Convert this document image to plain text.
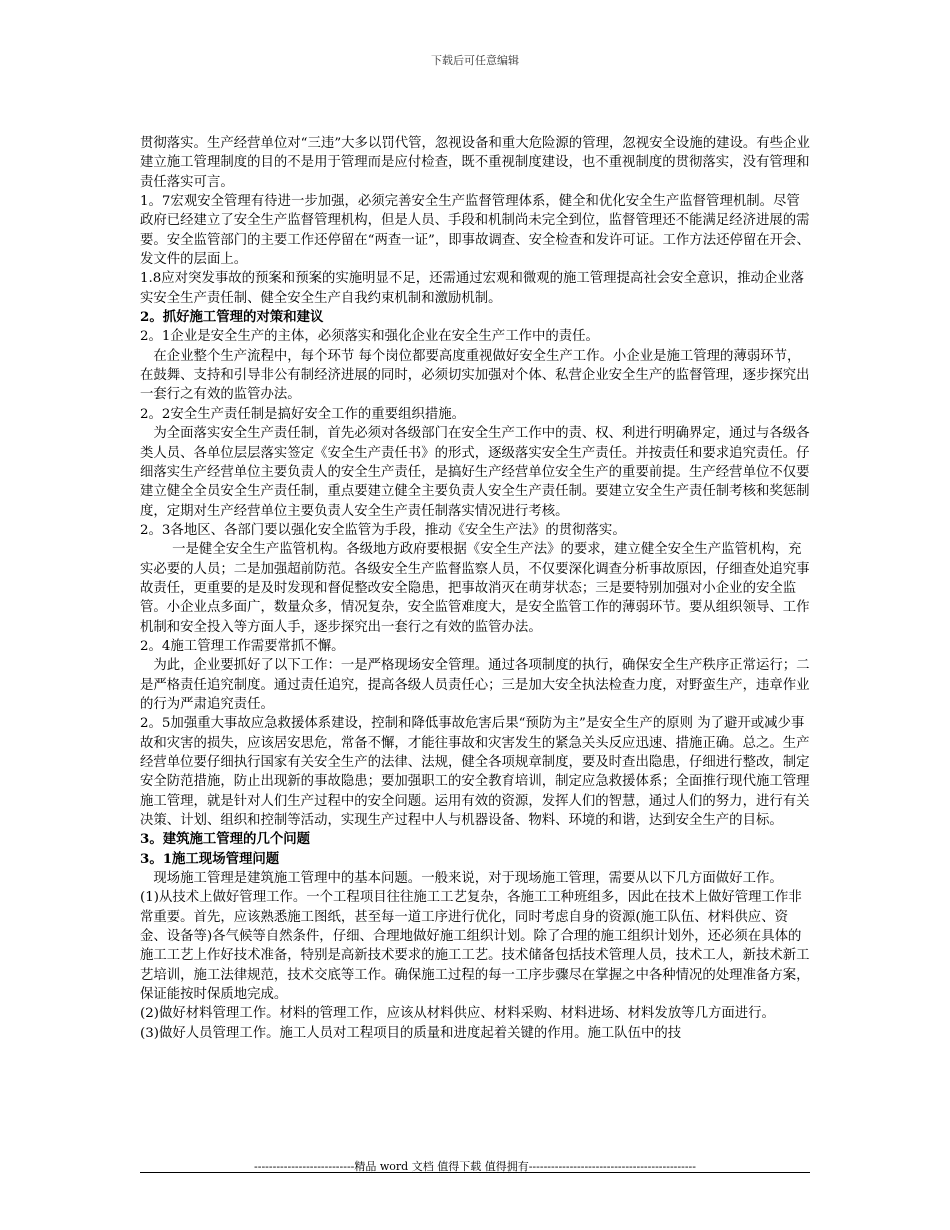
下载后可任意编辑

贯彻落实。生产经营单位对“三违”大多以罚代管，忽视设备和重大危险源的管理，忽视安全设施的建设。有些企业建立施工管理制度的目的不是用于管理而是应付检查，既不重视制度建设，也不重视制度的贯彻落实，没有管理和责任落实可言。

1。7宏观安全管理有待进一步加强，必须完善安全生产监督管理体系，健全和优化安全生产监督管理机制。尽管政府已经建立了安全生产监督管理机构，但是人员、手段和机制尚未完全到位，监督管理还不能满足经济进展的需要。安全监管部门的主要工作还停留在“两查一证”，即事故调查、安全检查和发许可证。工作方法还停留在开会、发文件的层面上。

1.8应对突发事故的预案和预案的实施明显不足，还需通过宏观和微观的施工管理提高社会安全意识，推动企业落实安全生产责任制、健全安全生产自我约束机制和激励机制。

2。抓好施工管理的对策和建议

2。1企业是安全生产的主体，必须落实和强化企业在安全生产工作中的责任。

在企业整个生产流程中，每个环节 每个岗位都要高度重视做好安全生产工作。小企业是施工管理的薄弱环节，在鼓舞、支持和引导非公有制经济进展的同时，必须切实加强对个体、私营企业安全生产的监督管理，逐步探究出一套行之有效的监管办法。

2。2安全生产责任制是搞好安全工作的重要组织措施。

为全面落实安全生产责任制，首先必须对各级部门在安全生产工作中的责、权、利进行明确界定，通过与各级各类人员、各单位层层落实签定《安全生产责任书》的形式，逐级落实安全生产责任。并按责任和要求追究责任。仔细落实生产经营单位主要负责人的安全生产责任，是搞好生产经营单位安全生产的重要前提。生产经营单位不仅要建立健全全员安全生产责任制，重点要建立健全主要负责人安全生产责任制。要建立安全生产责任制考核和奖惩制度，定期对生产经营单位主要负责人安全生产责任制落实情况进行考核。

2。3各地区、各部门要以强化安全监管为手段，推动《安全生产法》的贯彻落实。

一是健全安全生产监管机构。各级地方政府要根据《安全生产法》的要求，建立健全安全生产监管机构，充实必要的人员；二是加强超前防范。各级安全生产监督监察人员，不仅要深化调查分析事故原因，仔细查处追究事故责任，更重要的是及时发现和督促整改安全隐患，把事故消灭在萌芽状态；三是要特别加强对小企业的安全监管。小企业点多面广，数量众多，情况复杂，安全监管难度大，是安全监管工作的薄弱环节。要从组织领导、工作机制和安全投入等方面人手，逐步探究出一套行之有效的监管办法。

2。4施工管理工作需要常抓不懈。

为此，企业要抓好了以下工作：一是严格现场安全管理。通过各项制度的执行，确保安全生产秩序正常运行；二是严格责任追究制度。通过责任追究，提高各级人员责任心；三是加大安全执法检查力度，对野蛮生产，违章作业的行为严肃追究责任。

2。5加强重大事故应急救援体系建设，控制和降低事故危害后果“预防为主”是安全生产的原则 为了避开或减少事故和灾害的损失，应该居安思危，常备不懈，才能往事故和灾害发生的紧急关头反应迅速、措施正确。总之。生产经营单位要仔细执行国家有关安全生产的法律、法规，健全各项规章制度，要及时查出隐患，仔细进行整改，制定安全防范措施，防止出现新的事故隐患；要加强职工的安全教育培训，制定应急救援体系；全面推行现代施工管理施工管理，就是针对人们生产过程中的安全问题。运用有效的资源，发挥人们的智慧，通过人们的努力，进行有关决策、计划、组织和控制等活动，实现生产过程中人与机器设备、物料、环境的和谐，达到安全生产的目标。

3。建筑施工管理的几个问题

3。1施工现场管理问题

现场施工管理是建筑施工管理中的基本问题。一般来说，对于现场施工管理，需要从以下几方面做好工作。

(1)从技术上做好管理工作。一个工程项目往往施工工艺复杂，各施工工种班组多，因此在技术上做好管理工作非常重要。首先，应该熟悉施工图纸，甚至每一道工序进行优化，同时考虑自身的资源(施工队伍、材料供应、资金、设备等)各气候等自然条件，仔细、合理地做好施工组织计划。除了合理的施工组织计划外，还必须在具体的施工工艺上作好技术准备，特别是高新技术要求的施工工艺。技术储备包括技术管理人员，技术工人，新技术新工艺培训，施工法律规范，技术交底等工作。确保施工过程的每一工序步骤尽在掌握之中各种情况的处理准备方案，保证能按时保质地完成。

(2)做好材料管理工作。材料的管理工作，应该从材料供应、材料采购、材料进场、材料发放等几方面进行。

(3)做好人员管理工作。施工人员对工程项目的质量和进度起着关键的作用。施工队伍中的技

---------------------------精品 word 文档 值得下载 值得拥有---------------------------------------------
